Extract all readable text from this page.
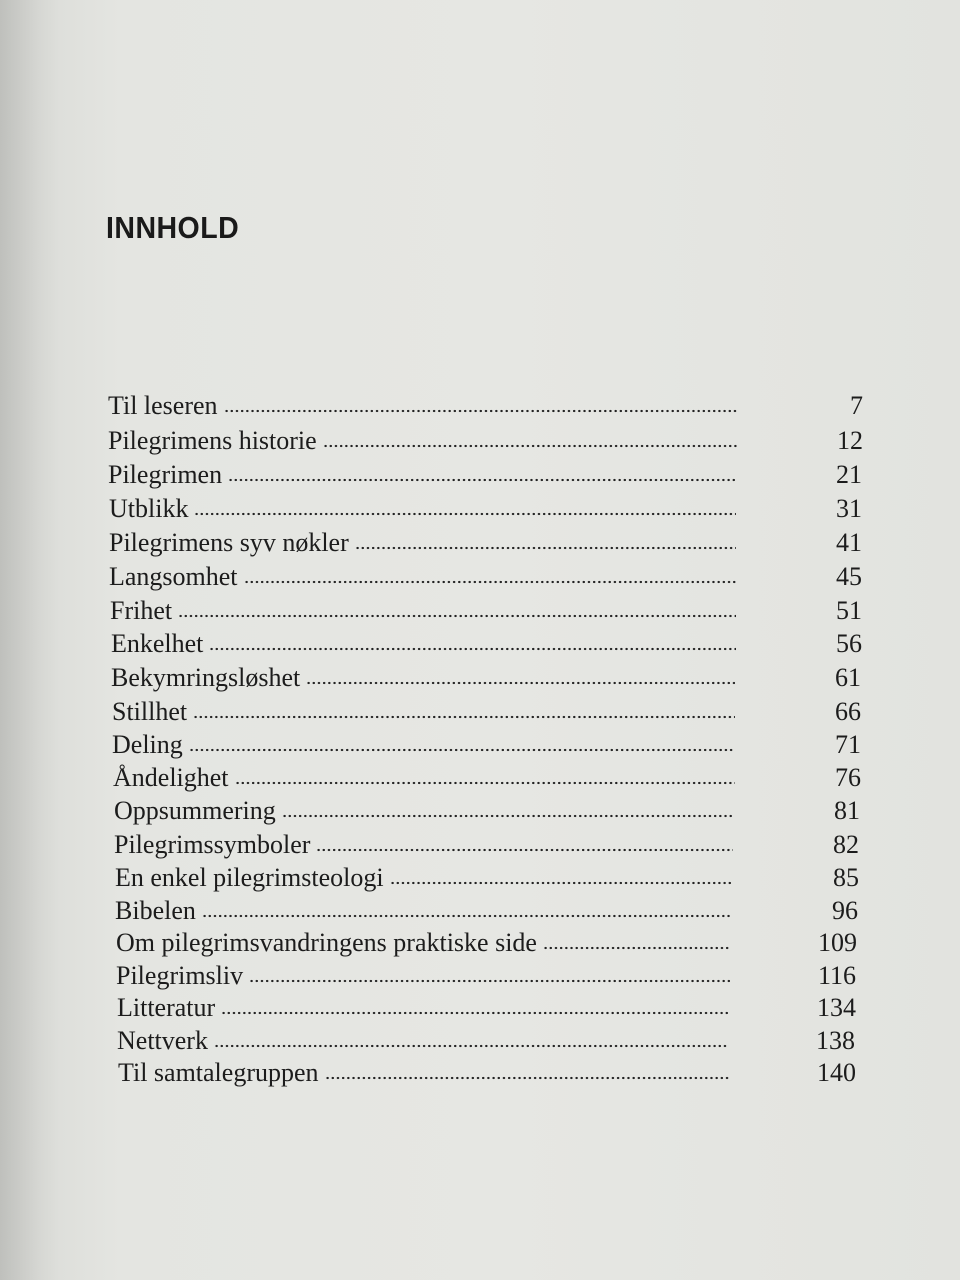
INNHOLD
Til leseren	7
Pilegrimens historie	12
Pilegrimen	21
Utblikk	31
Pilegrimens syv nøkler	41
Langsomhet	45
Frihet	51
Enkelhet	56
Bekymringsløshet	61
Stillhet	66
Deling	71
Åndelighet	76
Oppsummering	81
Pilegrimssymboler	82
En enkel pilegrimsteologi	85
Bibelen	96
Om pilegrimsvandringens praktiske side	109
Pilegrimsliv	116
Litteratur	134
Nettverk	138
Til samtalegruppen	140
